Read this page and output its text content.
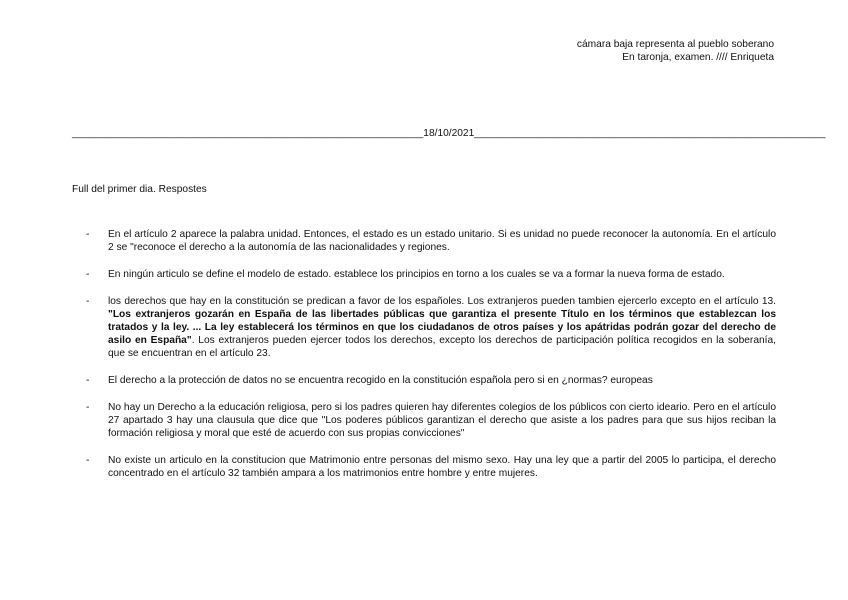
cámara baja representa al pueblo soberano
En taronja, examen. //// Enriqueta
______________________________________________________________18/10/2021______________________________________________________________
Full del primer dia. Respostes
-	En el artículo 2 aparece la palabra unidad. Entonces, el estado es un estado unitario. Si es unidad no puede reconocer la autonomía. En el artículo 2 se "reconoce el derecho a la autonomía de las nacionalidades y regiones.
-	En ningún articulo se define el modelo de estado. establece los principios en torno a los cuales se va a formar la nueva forma de estado.
-	los derechos que hay en la constitución se predican a favor de los españoles. Los extranjeros pueden tambien ejercerlo excepto en el artículo 13. "Los extranjeros gozarán en España de las libertades públicas que garantiza el presente Título en los términos que establezcan los tratados y la ley. ... La ley establecerá los términos en que los ciudadanos de otros países y los apátridas podrán gozar del derecho de asilo en España". Los extranjeros pueden ejercer todos los derechos, excepto los derechos de participación política recogidos en la soberanía, que se encuentran en el artículo 23.
-	El derecho a la protección de datos no se encuentra recogido en la constitución española pero si en ¿normas? europeas
-	No hay un Derecho a la educación religiosa, pero si los padres quieren hay diferentes colegios de los públicos con cierto ideario. Pero en el artículo 27 apartado 3 hay una clausula que dice que "Los poderes públicos garantizan el derecho que asiste a los padres para que sus hijos reciban la formación religiosa y moral que esté de acuerdo con sus propias convicciones"
-	No existe un articulo en la constitucion que Matrimonio entre personas del mismo sexo. Hay una ley que a partir del 2005 lo participa, el derecho concentrado en el artículo 32 también ampara a los matrimonios entre hombre y entre mujeres.
